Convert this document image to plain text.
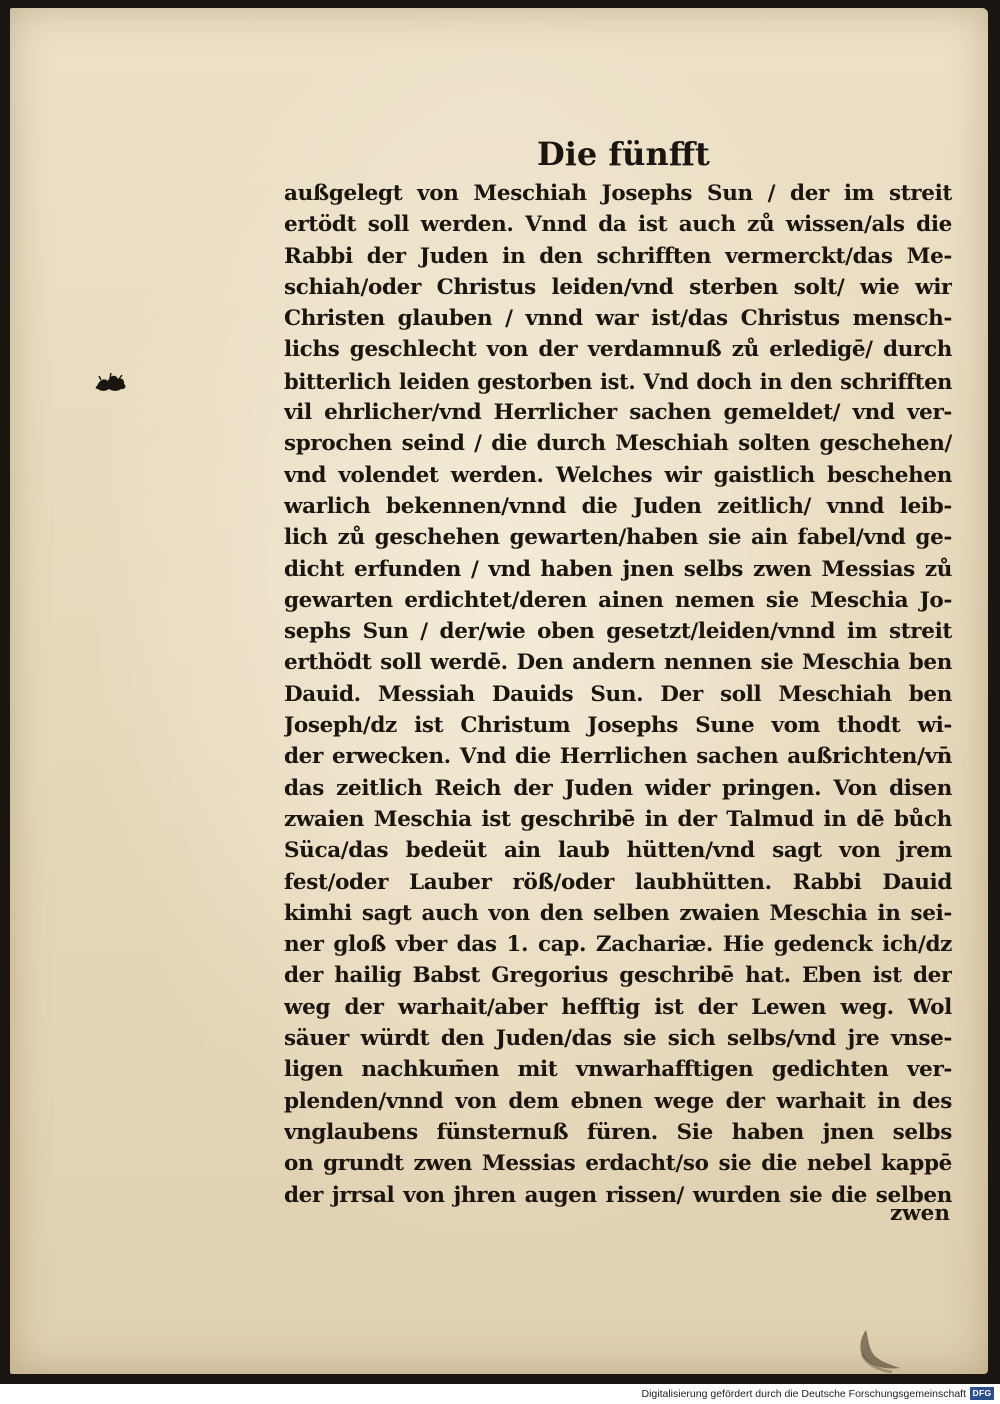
Die fünfft
außgelegt von Meschiah Josephs Sun / der im streit
ertödt soll werden. Vnnd da ist auch zů wissen/als die
Rabbi der Juden in den schrifften vermerckt/das Me-
schiah/oder Christus leiden/vnd sterben solt/ wie wir
Christen glauben / vnnd war ist/das Christus mensch-
lichs geschlecht von der verdamnuß zů erledigē/ durch
bitterlich leiden gestorben ist. Vnd doch in den schrifften
vil ehrlicher/vnd Herrlicher sachen gemeldet/ vnd ver-
sprochen seind / die durch Meschiah solten geschehen/
vnd volendet werden. Welches wir gaistlich beschehen
warlich bekennen/vnnd die Juden zeitlich/ vnnd leib-
lich zů geschehen gewarten/haben sie ain fabel/vnd ge-
dicht erfunden / vnd haben jnen selbs zwen Messias zů
gewarten erdichtet/deren ainen nemen sie Meschia Jo-
sephs Sun / der/wie oben gesetzt/leiden/vnnd im streit
erthödt soll werdē. Den andern nennen sie Meschia ben
Dauid. Messiah Dauids Sun. Der soll Meschiah ben
Joseph/dz ist Christum Josephs Sune vom thodt wi-
der erwecken. Vnd die Herrlichen sachen außrichten/vn̄
das zeitlich Reich der Juden wider pringen. Von disen
zwaien Meschia ist geschribē in der Talmud in dē bůch
Süca/das bedeüt ain laub hütten/vnd sagt von jrem
fest/oder Lauber röß/oder laubhütten. Rabbi Dauid
kimhi sagt auch von den selben zwaien Meschia in sei-
ner gloß vber das 1. cap. Zachariæ. Hie gedenck ich/dz
der hailig Babst Gregorius geschribē hat. Eben ist der
weg der warhait/aber hefftig ist der Lewen weg. Wol
säuer würdt den Juden/das sie sich selbs/vnd jre vnse-
ligen nachkum̄en mit vnwarhafftigen gedichten ver-
plenden/vnnd von dem ebnen wege der warhait in des
vnglaubens fünsternuß füren. Sie haben jnen selbs
on grundt zwen Messias erdacht/so sie die nebel kappē
der jrrsal von jhren augen rissen/ wurden sie die selben
zwen
Digitalisierung gefördert durch die Deutsche Forschungsgemeinschaft DFG
